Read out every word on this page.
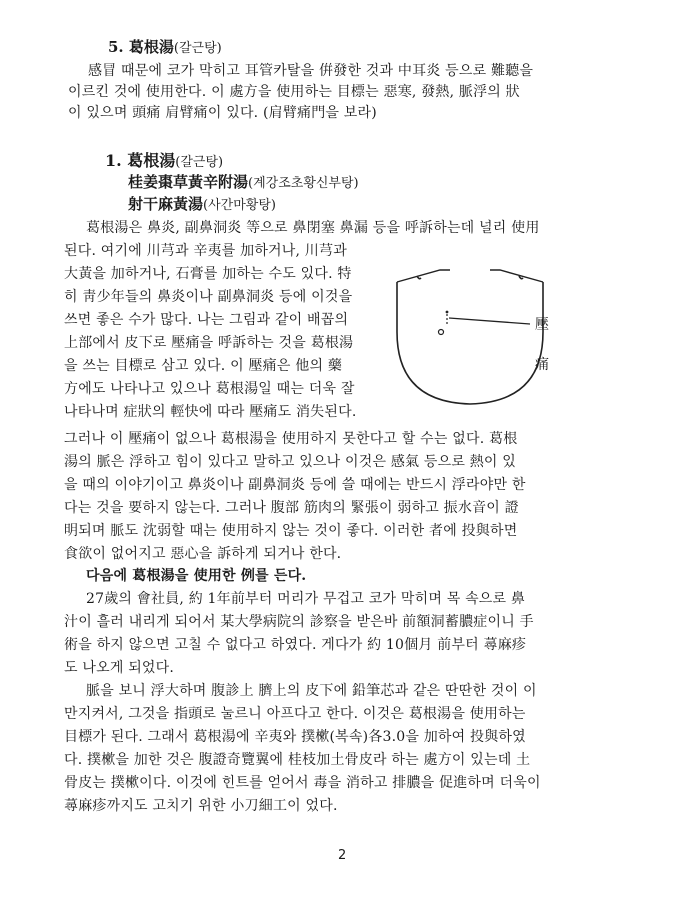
5. 葛根湯(갈근탕)
感冒 때문에 코가 막히고 耳管카탈을 倂發한 것과 中耳炎 등으로 難聽을
이르킨 것에 使用한다. 이 處方을 使用하는 目標는 惡寒, 發熱, 脈浮의 狀
이 있으며 頭痛 肩臂痛이 있다. (肩臂痛門을 보라)
1. 葛根湯(갈근탕)
桂姜棗草黃辛附湯(계강조초황신부탕)
射干麻黃湯(사간마황탕)
葛根湯은 鼻炎, 副鼻洞炎 等으로 鼻閉塞 鼻漏 등을 呼訴하는데 널리 使用
된다. 여기에 川芎과 辛夷를 加하거나, 川芎과
大黃을 加하거나, 石膏를 加하는 수도 있다. 特
히 靑少年들의 鼻炎이나 副鼻洞炎 등에 이것을
쓰면 좋은 수가 많다. 나는 그림과 같이 배꼽의
上部에서 皮下로 壓痛을 呼訴하는 것을 葛根湯
을 쓰는 目標로 삼고 있다. 이 壓痛은 他의 藥
方에도 나타나고 있으나 葛根湯일 때는 더욱 잘
나타나며 症狀의 輕快에 따라 壓痛도 消失된다.
壓
痛
그러나 이 壓痛이 없으나 葛根湯을 使用하지 못한다고 할 수는 없다. 葛根
湯의 脈은 浮하고 힘이 있다고 말하고 있으나 이것은 感氣 등으로 熱이 있
을 때의 이야기이고 鼻炎이나 副鼻洞炎 등에 쓸 때에는 반드시 浮라야만 한
다는 것을 要하지 않는다. 그러나 腹部 筋肉의 緊張이 弱하고 振水音이 證
明되며 脈도 沈弱할 때는 使用하지 않는 것이 좋다. 이러한 者에 投與하면
食欲이 없어지고 惡心을 訴하게 되거나 한다.
다음에 葛根湯을 使用한 例를 든다.
27歲의 會社員, 約 1年前부터 머리가 무겁고 코가 막히며 목 속으로 鼻
汁이 흘러 내리게 되어서 某大學病院의 診察을 받은바 前額洞蓄膿症이니 手
術을 하지 않으면 고칠 수 없다고 하였다. 게다가 約 10個月 前부터 蕁麻疹
도 나오게 되었다.
脈을 보니 浮大하며 腹診上 臍上의 皮下에 鉛筆芯과 같은 딴딴한 것이 이
만지켜서, 그것을 指頭로 눌르니 아프다고 한다. 이것은 葛根湯을 使用하는
目標가 된다. 그래서 葛根湯에 辛夷와 撲樕(복속)各3.0을 加하여 投與하였
다. 撲樕을 加한 것은 腹證奇覽翼에 桂枝加土骨皮라 하는 處方이 있는데 土
骨皮는 撲樕이다. 이것에 힌트를 얻어서 毒을 消하고 排膿을 促進하며 더욱이
蕁麻疹까지도 고치기 위한 小刀細工이 었다.
2
